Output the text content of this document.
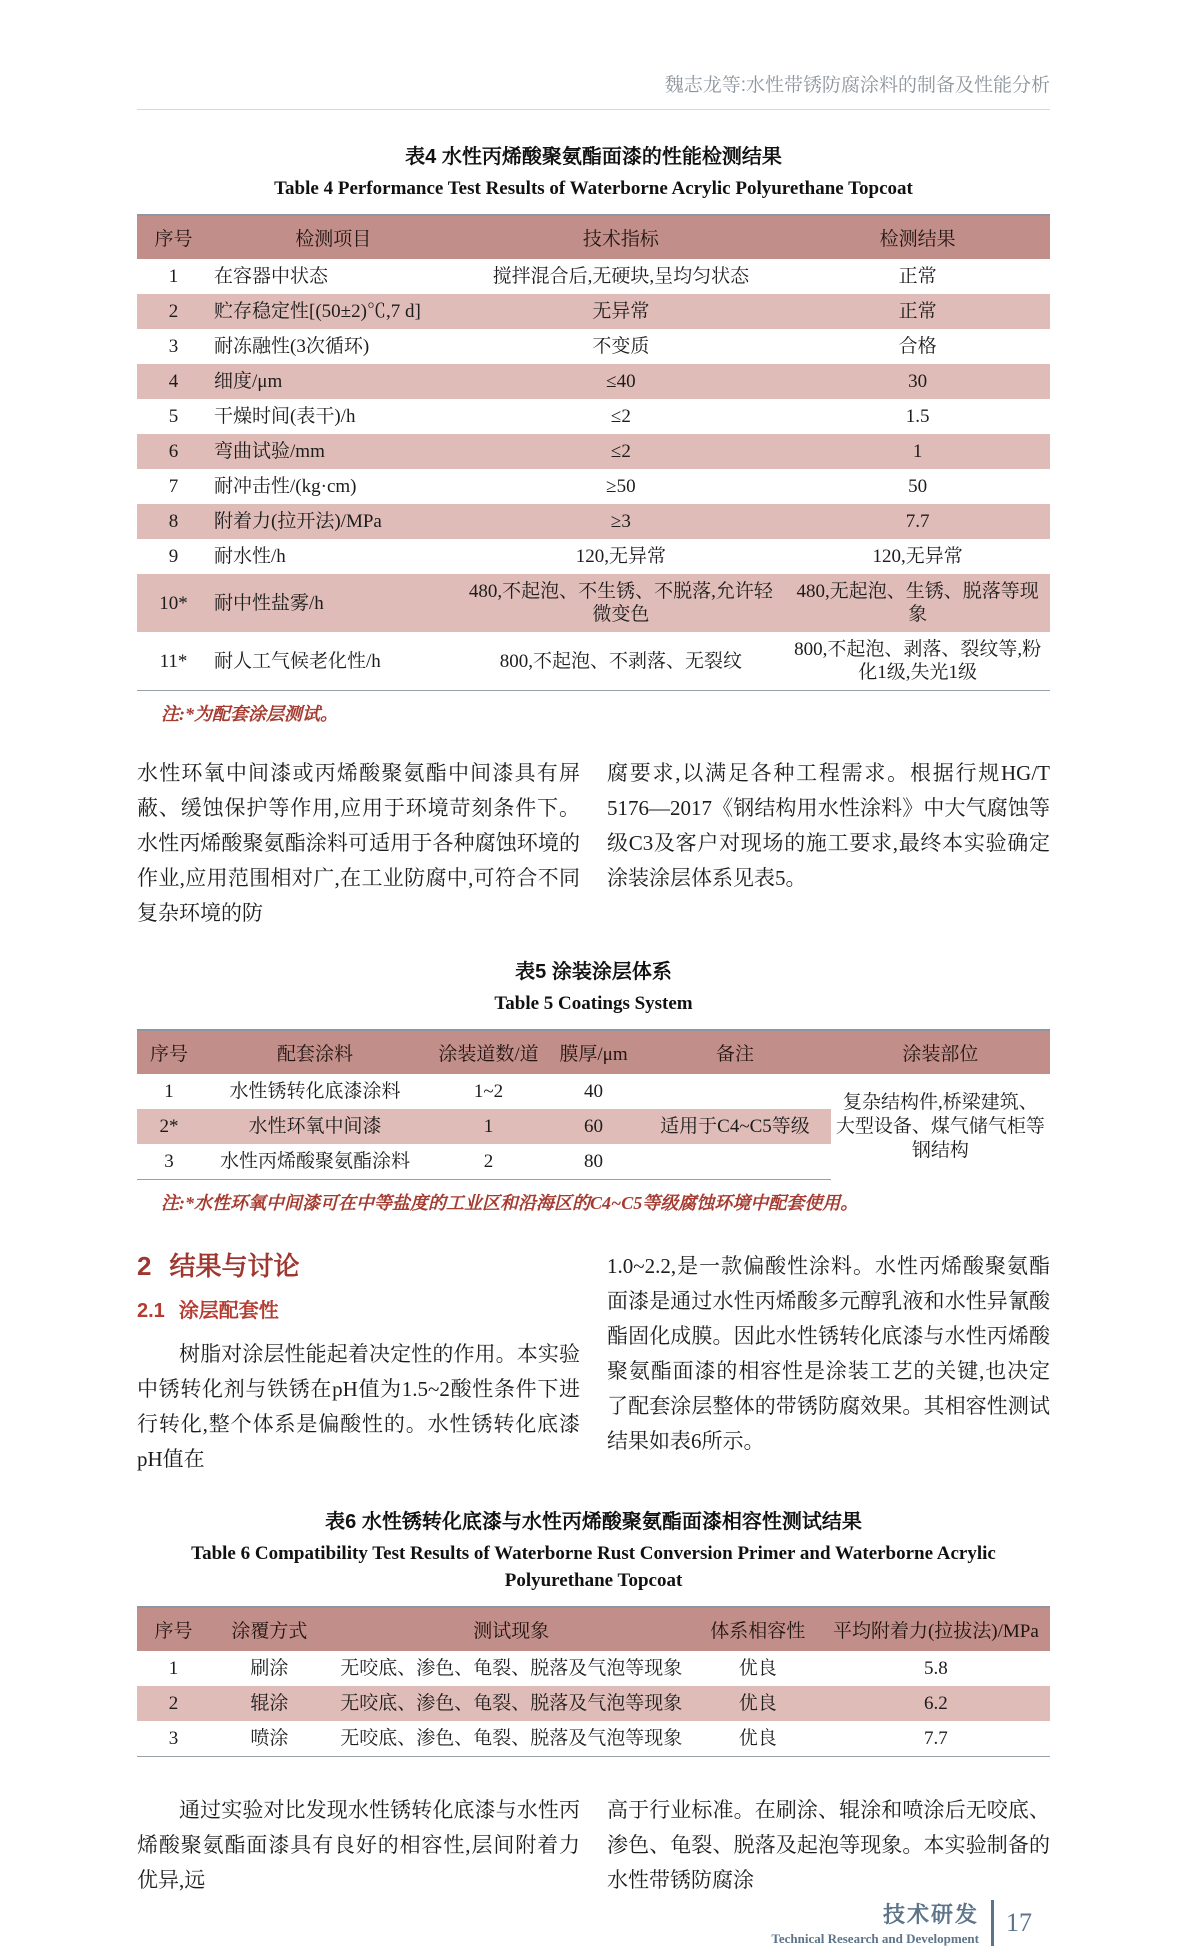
魏志龙等:水性带锈防腐涂料的制备及性能分析
表4 水性丙烯酸聚氨酯面漆的性能检测结果
Table 4 Performance Test Results of Waterborne Acrylic Polyurethane Topcoat
序号	检测项目	技术指标	检测结果
1	在容器中状态	搅拌混合后,无硬块,呈均匀状态	正常
2	贮存稳定性[(50±2)℃,7 d]	无异常	正常
3	耐冻融性(3次循环)	不变质	合格
4	细度/μm	≤40	30
5	干燥时间(表干)/h	≤2	1.5
6	弯曲试验/mm	≤2	1
7	耐冲击性/(kg·cm)	≥50	50
8	附着力(拉开法)/MPa	≥3	7.7
9	耐水性/h	120,无异常	120,无异常
10*	耐中性盐雾/h	480,不起泡、不生锈、不脱落,允许轻微变色	480,无起泡、生锈、脱落等现象
11*	耐人工气候老化性/h	800,不起泡、不剥落、无裂纹	800,不起泡、剥落、裂纹等,粉化1级,失光1级
注:*为配套涂层测试。
水性环氧中间漆或丙烯酸聚氨酯中间漆具有屏蔽、缓蚀保护等作用,应用于环境苛刻条件下。水性丙烯酸聚氨酯涂料可适用于各种腐蚀环境的作业,应用范围相对广,在工业防腐中,可符合不同复杂环境的防
腐要求,以满足各种工程需求。根据行规HG/T 5176—2017《钢结构用水性涂料》中大气腐蚀等级C3及客户对现场的施工要求,最终本实验确定涂装涂层体系见表5。
表5 涂装涂层体系
Table 5 Coatings System
序号	配套涂料	涂装道数/道	膜厚/μm	备注	涂装部位
1	水性锈转化底漆涂料	1~2	40		复杂结构件,桥梁建筑、大型设备、煤气储气柜等钢结构
2*	水性环氧中间漆	1	60	适用于C4~C5等级	
3	水性丙烯酸聚氨酯涂料	2	80		
注:*水性环氧中间漆可在中等盐度的工业区和沿海区的C4~C5等级腐蚀环境中配套使用。
2 结果与讨论
2.1 涂层配套性

树脂对涂层性能起着决定性的作用。本实验中锈转化剂与铁锈在pH值为1.5~2酸性条件下进行转化,整个体系是偏酸性的。水性锈转化底漆pH值在

1.0~2.2,是一款偏酸性涂料。水性丙烯酸聚氨酯面漆是通过水性丙烯酸多元醇乳液和水性异氰酸酯固化成膜。因此水性锈转化底漆与水性丙烯酸聚氨酯面漆的相容性是涂装工艺的关键,也决定了配套涂层整体的带锈防腐效果。其相容性测试结果如表6所示。
表6 水性锈转化底漆与水性丙烯酸聚氨酯面漆相容性测试结果
Table 6 Compatibility Test Results of Waterborne Rust Conversion Primer and Waterborne Acrylic Polyurethane Topcoat
序号	涂覆方式	测试现象	体系相容性	平均附着力(拉拔法)/MPa
1	刷涂	无咬底、渗色、龟裂、脱落及气泡等现象	优良	5.8
2	辊涂	无咬底、渗色、龟裂、脱落及气泡等现象	优良	6.2
3	喷涂	无咬底、渗色、龟裂、脱落及气泡等现象	优良	7.7

通过实验对比发现水性锈转化底漆与水性丙烯酸聚氨酯面漆具有良好的相容性,层间附着力优异,远

高于行业标准。在刷涂、辊涂和喷涂后无咬底、渗色、龟裂、脱落及起泡等现象。本实验制备的水性带锈防腐涂
技术研发
Technical Research and Development
17
